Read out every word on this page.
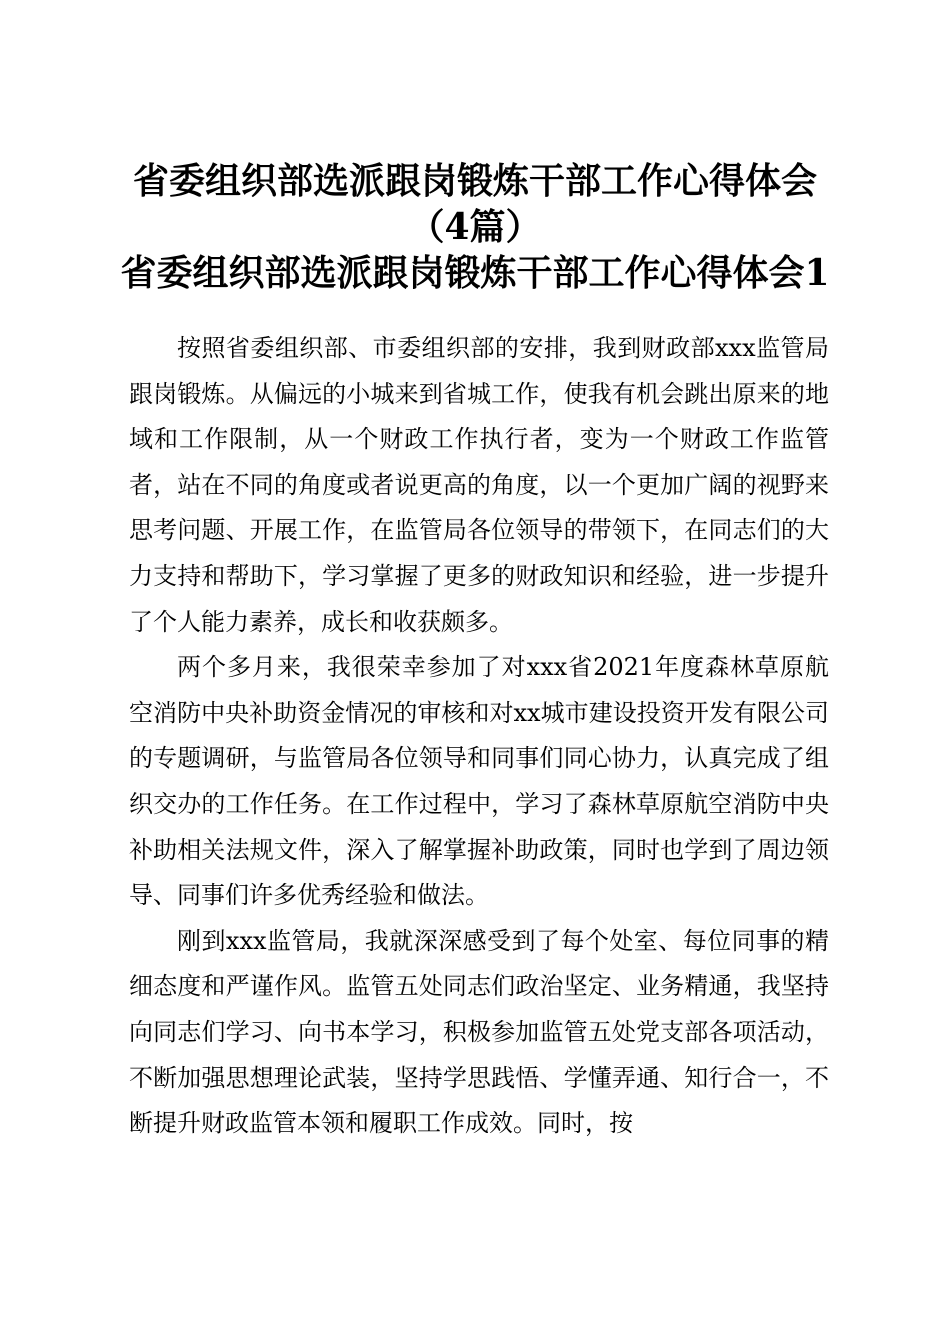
省委组织部选派跟岗锻炼干部工作心得体会

（4篇）

省委组织部选派跟岗锻炼干部工作心得体会1

按照省委组织部、市委组织部的安排，我到财政部xxx监管局跟岗锻炼。从偏远的小城来到省城工作，使我有机会跳出原来的地域和工作限制，从一个财政工作执行者，变为一个财政工作监管者，站在不同的角度或者说更高的角度，以一个更加广阔的视野来思考问题、开展工作，在监管局各位领导的带领下，在同志们的大力支持和帮助下，学习掌握了更多的财政知识和经验，进一步提升了个人能力素养，成长和收获颇多。

两个多月来，我很荣幸参加了对xxx省2021年度森林草原航空消防中央补助资金情况的审核和对xx城市建设投资开发有限公司的专题调研，与监管局各位领导和同事们同心协力，认真完成了组织交办的工作任务。在工作过程中，学习了森林草原航空消防中央补助相关法规文件，深入了解掌握补助政策，同时也学到了周边领导、同事们许多优秀经验和做法。

刚到xxx监管局，我就深深感受到了每个处室、每位同事的精细态度和严谨作风。监管五处同志们政治坚定、业务精通，我坚持向同志们学习、向书本学习，积极参加监管五处党支部各项活动，不断加强思想理论武装，坚持学思践悟、学懂弄通、知行合一，不断提升财政监管本领和履职工作成效。同时，按
